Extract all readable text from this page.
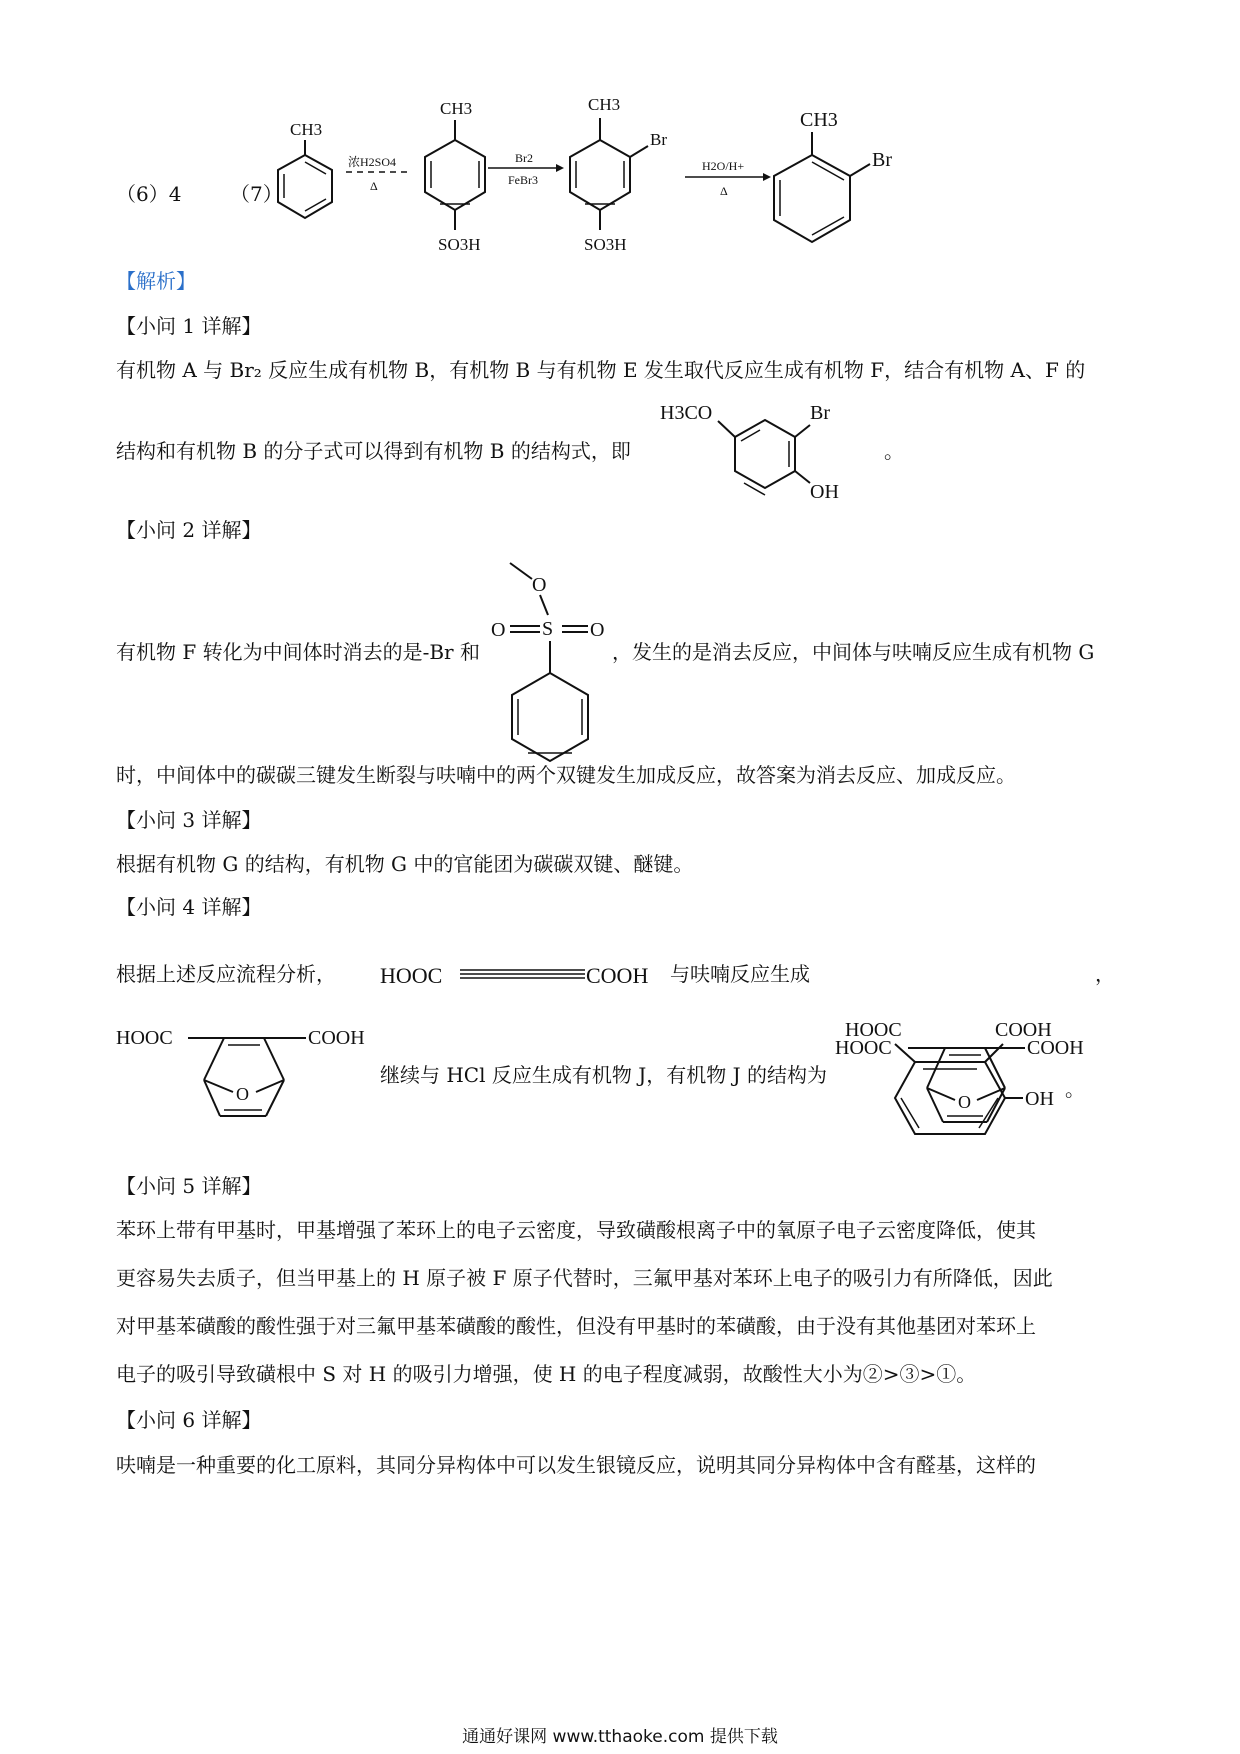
（6）4 （7）
CH3
浓H2SO4
Δ
CH3
SO3H
Br2
FeBr3
CH3
Br
SO3H
H2O/H+
Δ
CH3
Br
【解析】
【小问 1 详解】
有机物 A 与 Br₂ 反应生成有机物 B，有机物 B 与有机物 E 发生取代反应生成有机物 F，结合有机物 A、F 的
结构和有机物 B 的分子式可以得到有机物 B 的结构式，即
H3CO	Br
OH
。
【小问 2 详解】
O
S
O	O
有机物 F 转化为中间体时消去的是-Br 和	，发生的是消去反应，中间体与呋喃反应生成有机物 G
时，中间体中的碳碳三键发生断裂与呋喃中的两个双键发生加成反应，故答案为消去反应、加成反应。
【小问 3 详解】
根据有机物 G 的结构，有机物 G 中的官能团为碳碳双键、醚键。
【小问 4 详解】
根据上述反应流程分析， HOOC	COOH 与呋喃反应生成
HOOC	COOH
O
，
HOOC	COOH
O
继续与 HCl 反应生成有机物 J，有机物 J 的结构为
HOOC	COOH
OH 。
【小问 5 详解】
苯环上带有甲基时，甲基增强了苯环上的电子云密度，导致磺酸根离子中的氧原子电子云密度降低，使其
更容易失去质子，但当甲基上的 H 原子被 F 原子代替时，三氟甲基对苯环上电子的吸引力有所降低，因此
对甲基苯磺酸的酸性强于对三氟甲基苯磺酸的酸性，但没有甲基时的苯磺酸，由于没有其他基团对苯环上
电子的吸引导致磺根中 S 对 H 的吸引力增强，使 H 的电子程度减弱，故酸性大小为②>③>①。
【小问 6 详解】
呋喃是一种重要的化工原料，其同分异构体中可以发生银镜反应，说明其同分异构体中含有醛基，这样的
通通好课网 www.tthaoke.com 提供下载
